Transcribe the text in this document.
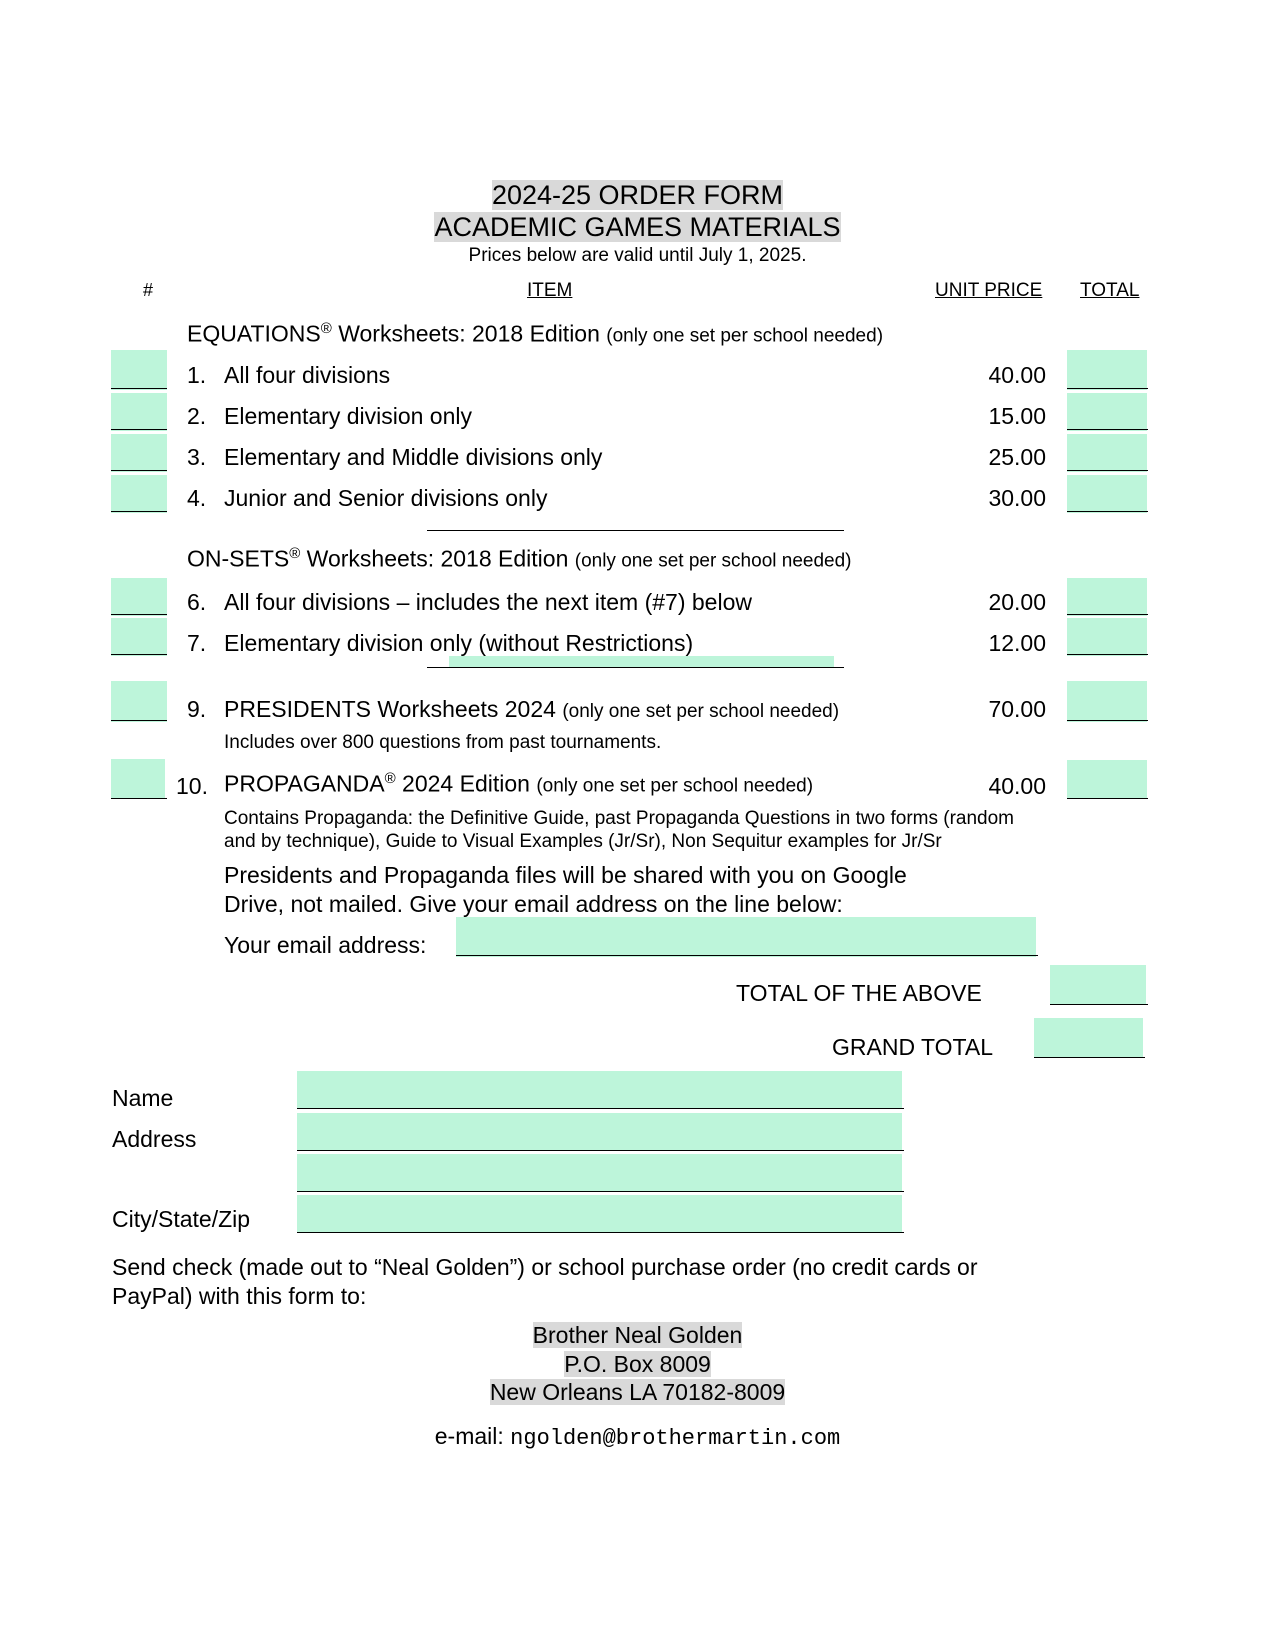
2024-25 ORDER FORM
ACADEMIC GAMES MATERIALS
Prices below are valid until July 1, 2025.
#	ITEM	UNIT PRICE TOTAL
EQUATIONS® Worksheets: 2018 Edition (only one set per school needed)
1. All four divisions	40.00
2. Elementary division only	15.00
3. Elementary and Middle divisions only	25.00
4. Junior and Senior divisions only	30.00
ON-SETS® Worksheets: 2018 Edition (only one set per school needed)
6. All four divisions – includes the next item (#7) below	20.00
7. Elementary division only (without Restrictions)	12.00
9. PRESIDENTS Worksheets 2024 (only one set per school needed)	70.00
Includes over 800 questions from past tournaments.
10. PROPAGANDA® 2024 Edition (only one set per school needed)	40.00
Contains Propaganda: the Definitive Guide, past Propaganda Questions in two forms (random
and by technique), Guide to Visual Examples (Jr/Sr), Non Sequitur examples for Jr/Sr
Presidents and Propaganda files will be shared with you on Google
Drive, not mailed. Give your email address on the line below:
Your email address:
TOTAL OF THE ABOVE
GRAND TOTAL
Name
Address
City/State/Zip
Send check (made out to “Neal Golden”) or school purchase order (no credit cards or
PayPal) with this form to:
Brother Neal Golden
P.O. Box 8009
New Orleans LA 70182-8009
e-mail: ngolden@brothermartin.com
